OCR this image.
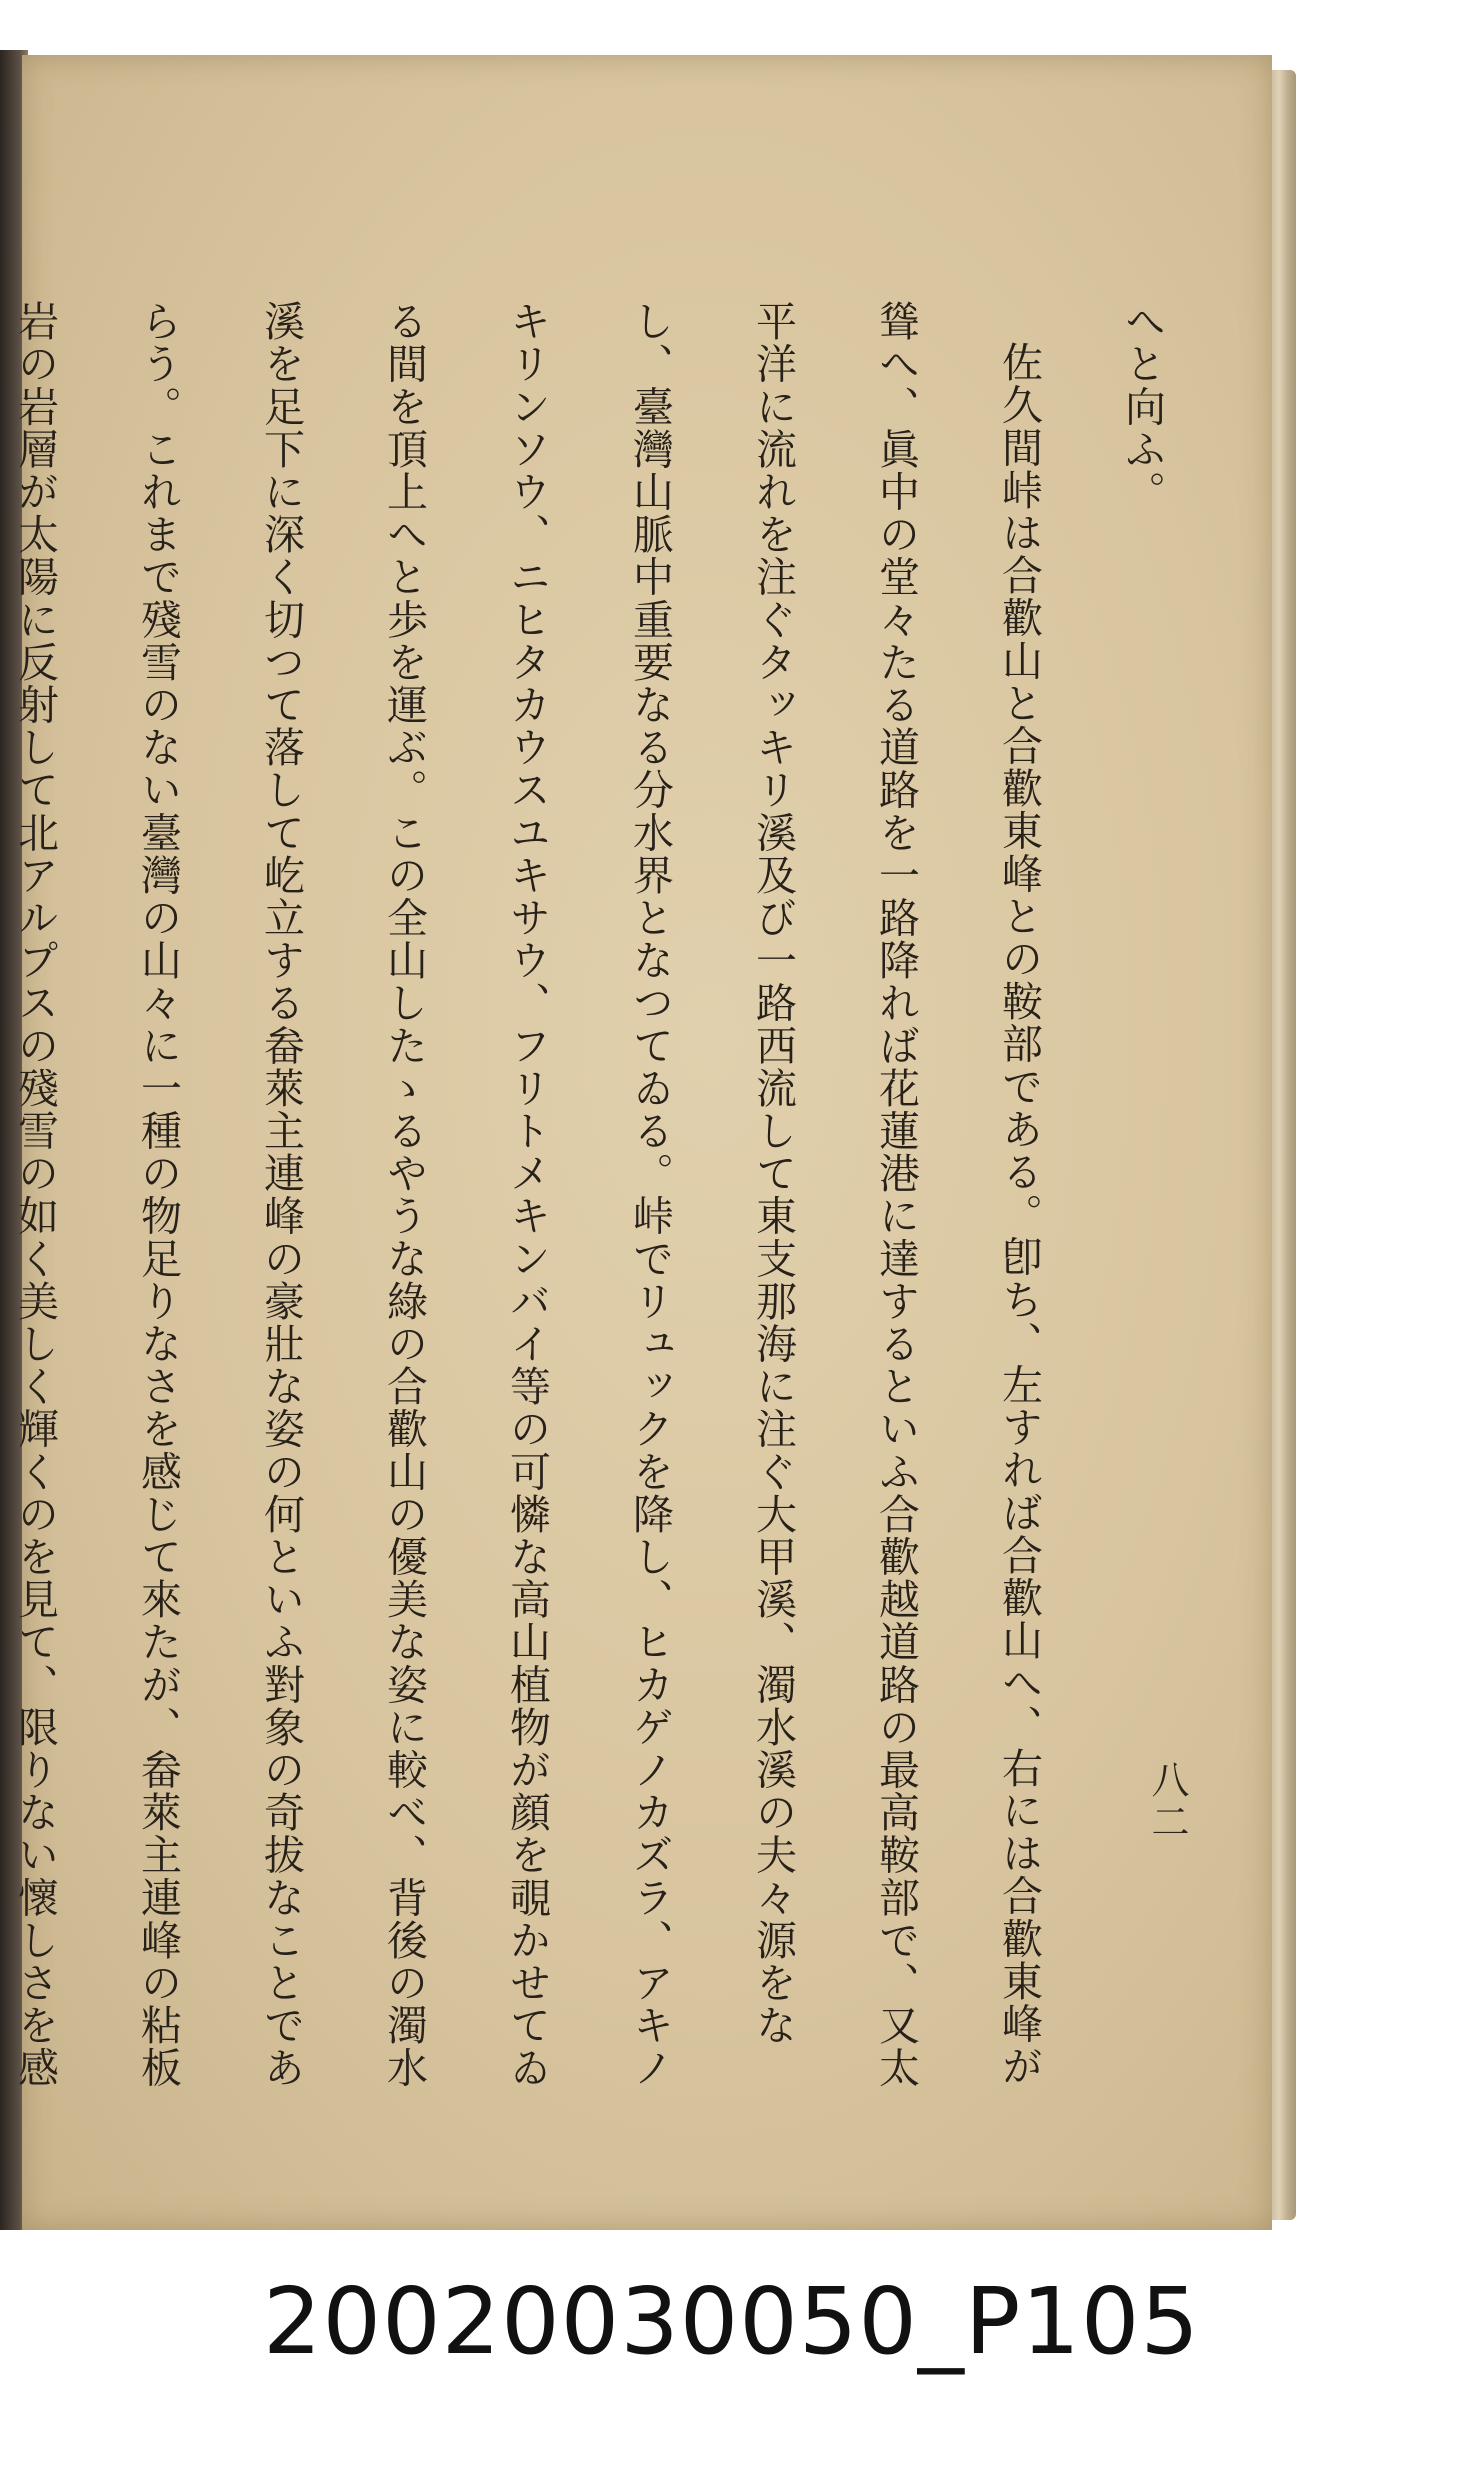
八二

へと向ふ。

佐久間峠は合歡山と合歡東峰との鞍部である。卽ち、左すれば合歡山へ、右には合歡東峰が聳へ、眞中の堂々たる道路を一路降れば花蓮港に達するといふ合歡越道路の最高鞍部で、又太平洋に流れを注ぐタッキリ溪及び一路西流して東支那海に注ぐ大甲溪、濁水溪の夫々源をなし、臺灣山脈中重要なる分水界となつてゐる。峠でリュックを降し、ヒカゲノカズラ、アキノキリンソウ、ニヒタカウスユキサウ、フリトメキンバイ等の可憐な高山植物が顔を覗かせてゐる間を頂上へと歩を運ぶ。この全山したゝるやうな綠の合歡山の優美な姿に較べ、背後の濁水溪を足下に深く切つて落して屹立する畚萊主連峰の豪壯な姿の何といふ對象の奇拔なことであらう。これまで殘雪のない臺灣の山々に一種の物足りなさを感じて來たが、畚萊主連峰の粘板岩の岩層が太陽に反射して北アルプスの殘雪の如く美しく輝くのを見て、限りない懷しさを感

20020030050_P105
